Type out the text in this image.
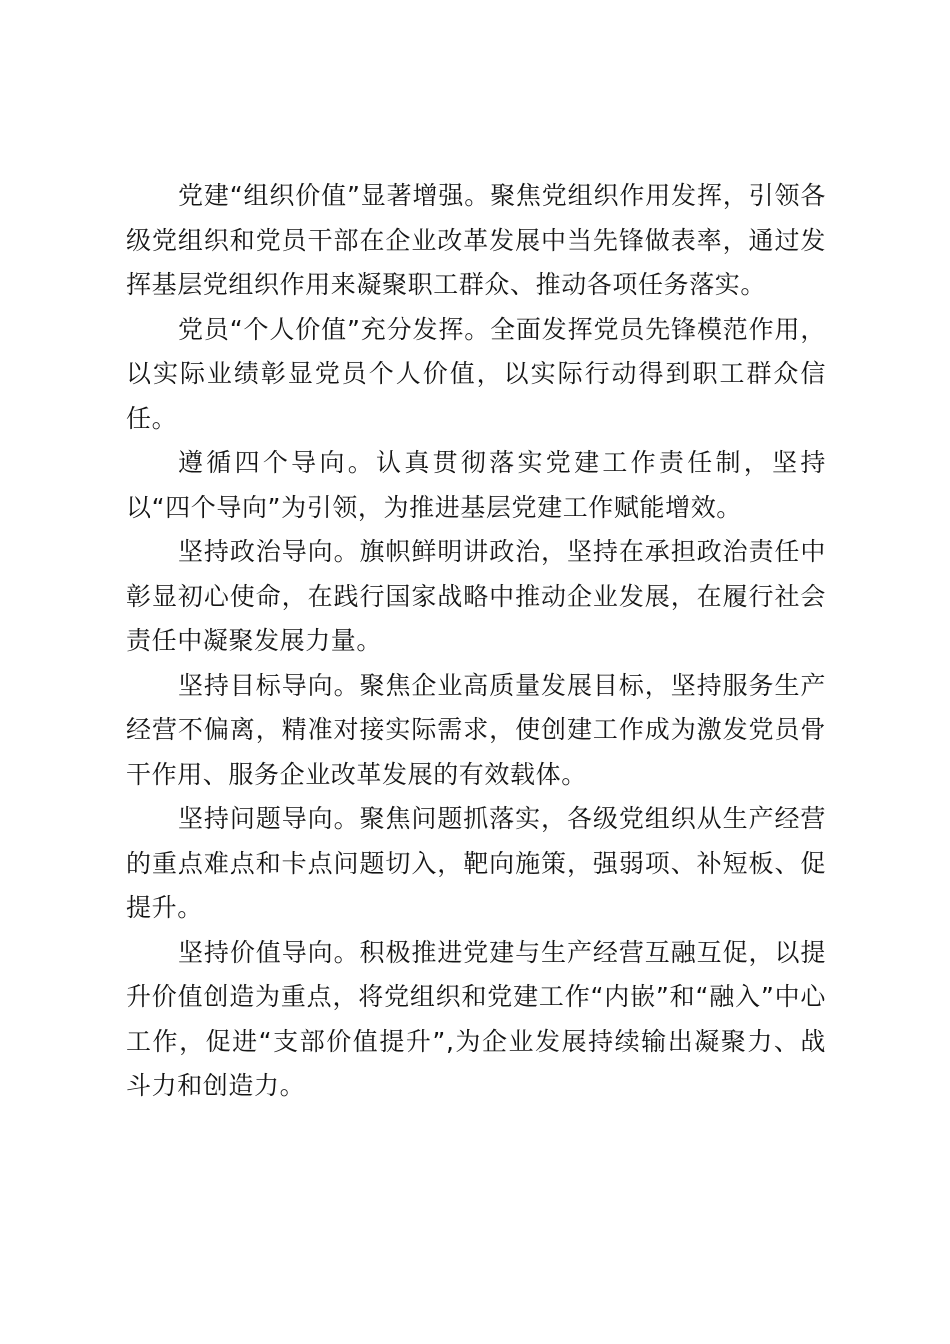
党建“组织价值”显著增强。聚焦党组织作用发挥，引领各级党组织和党员干部在企业改革发展中当先锋做表率，通过发挥基层党组织作用来凝聚职工群众、推动各项任务落实。

党员“个人价值”充分发挥。全面发挥党员先锋模范作用，以实际业绩彰显党员个人价值，以实际行动得到职工群众信任。

遵循四个导向。认真贯彻落实党建工作责任制，坚持以“四个导向”为引领，为推进基层党建工作赋能增效。

坚持政治导向。旗帜鲜明讲政治，坚持在承担政治责任中彰显初心使命，在践行国家战略中推动企业发展，在履行社会责任中凝聚发展力量。

坚持目标导向。聚焦企业高质量发展目标，坚持服务生产经营不偏离，精准对接实际需求，使创建工作成为激发党员骨干作用、服务企业改革发展的有效载体。

坚持问题导向。聚焦问题抓落实，各级党组织从生产经营的重点难点和卡点问题切入，靶向施策，强弱项、补短板、促提升。

坚持价值导向。积极推进党建与生产经营互融互促，以提升价值创造为重点，将党组织和党建工作“内嵌”和“融入”中心工作，促进“支部价值提升”,为企业发展持续输出凝聚力、战斗力和创造力。
